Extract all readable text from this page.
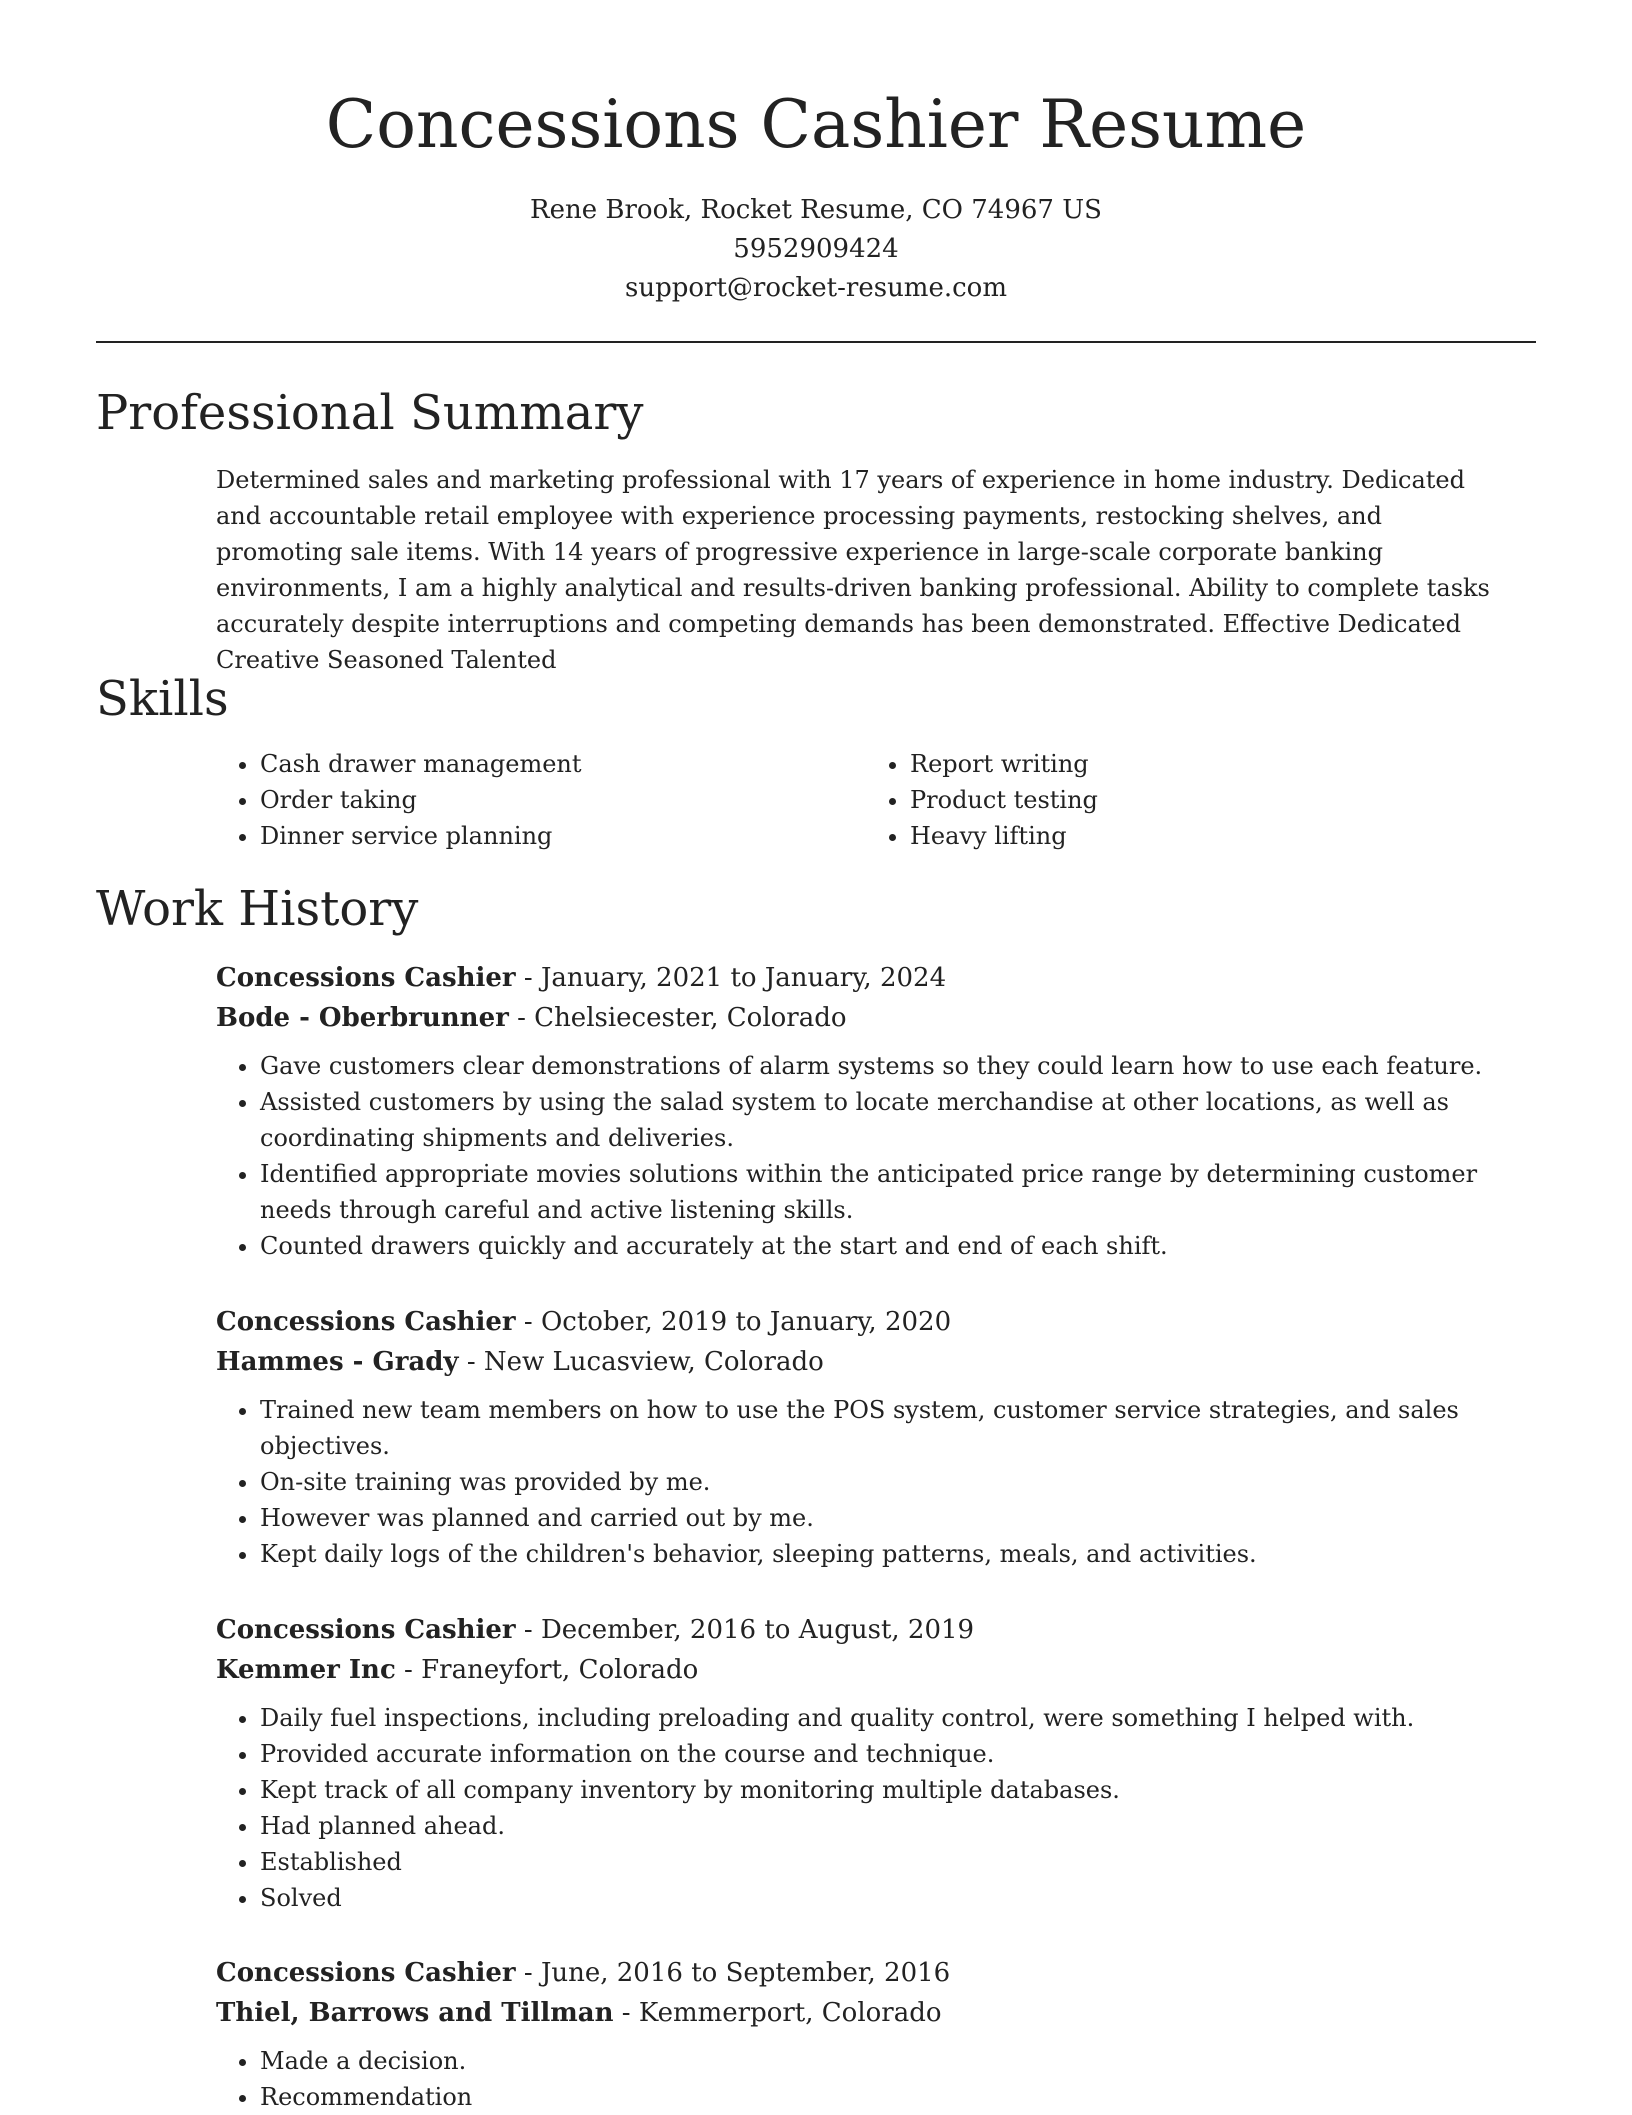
Concessions Cashier Resume
Rene Brook, Rocket Resume, CO 74967 US
5952909424
support@rocket-resume.com
Professional Summary

Determined sales and marketing professional with 17 years of experience in home industry. Dedicated and accountable retail employee with experience processing payments, restocking shelves, and promoting sale items. With 14 years of progressive experience in large-scale corporate banking environments, I am a highly analytical and results-driven banking professional. Ability to complete tasks accurately despite interruptions and competing demands has been demonstrated. Effective Dedicated Creative Seasoned Talented

Skills
• Cash drawer management
• Order taking
• Dinner service planning
• Report writing
• Product testing
• Heavy lifting
Work History
Concessions Cashier - January, 2021 to January, 2024
Bode - Oberbrunner - Chelsiecester, Colorado
• Gave customers clear demonstrations of alarm systems so they could learn how to use each feature.
• Assisted customers by using the salad system to locate merchandise at other locations, as well as coordinating shipments and deliveries.
• Identified appropriate movies solutions within the anticipated price range by determining customer needs through careful and active listening skills.
• Counted drawers quickly and accurately at the start and end of each shift.
Concessions Cashier - October, 2019 to January, 2020
Hammes - Grady - New Lucasview, Colorado
• Trained new team members on how to use the POS system, customer service strategies, and sales objectives.
• On-site training was provided by me.
• However was planned and carried out by me.
• Kept daily logs of the children's behavior, sleeping patterns, meals, and activities.
Concessions Cashier - December, 2016 to August, 2019
Kemmer Inc - Franeyfort, Colorado
• Daily fuel inspections, including preloading and quality control, were something I helped with.
• Provided accurate information on the course and technique.
• Kept track of all company inventory by monitoring multiple databases.
• Had planned ahead.
• Established
• Solved
Concessions Cashier - June, 2016 to September, 2016
Thiel, Barrows and Tillman - Kemmerport, Colorado
• Made a decision.
• Recommendation
